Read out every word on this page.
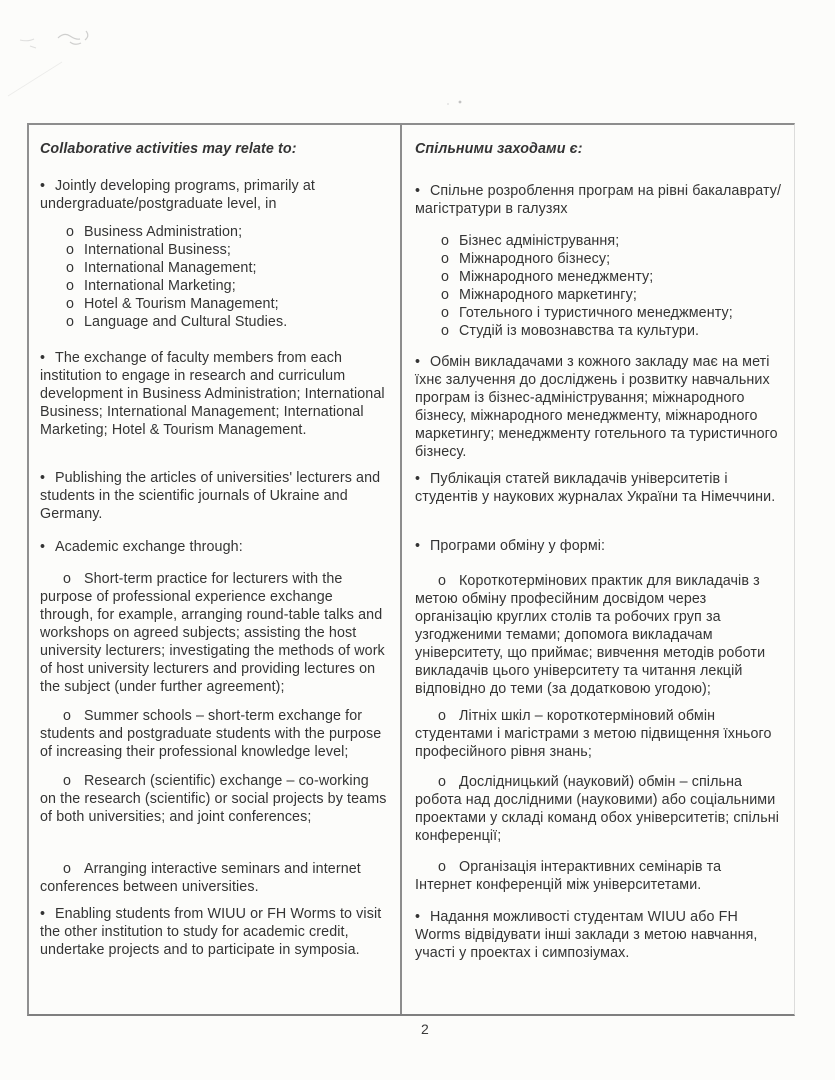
Collaborative activities may relate to:

• Jointly developing programs, primarily at undergraduate/postgraduate level, in

o Business Administration;
o International Business;
o International Management;
o International Marketing;
o Hotel & Tourism Management;
o Language and Cultural Studies.

• The exchange of faculty members from each institution to engage in research and curriculum development in Business Administration; International Business; International Management; International Marketing; Hotel & Tourism Management.

• Publishing the articles of universities' lecturers and students in the scientific journals of Ukraine and Germany.

• Academic exchange through:

o Short-term practice for lecturers with the purpose of professional experience exchange through, for example, arranging round-table talks and workshops on agreed subjects; assisting the host university lecturers; investigating the methods of work of host university lecturers and providing lectures on the subject (under further agreement);

o Summer schools – short-term exchange for students and postgraduate students with the purpose of increasing their professional knowledge level;

o Research (scientific) exchange – co-working on the research (scientific) or social projects by teams of both universities; and joint conferences;

o Arranging interactive seminars and internet conferences between universities.

• Enabling students from WIUU or FH Worms to visit the other institution to study for academic credit, undertake projects and to participate in symposia.

Спільними заходами є:

• Спільне розроблення програм на рівні бакалаврату/магістратури в галузях

o Бізнес адміністрування;
o Міжнародного бізнесу;
o Міжнародного менеджменту;
o Міжнародного маркетингу;
o Готельного і туристичного менеджменту;
o Студій із мовознавства та культури.

• Обмін викладачами з кожного закладу має на меті їхнє залучення до досліджень і розвитку навчальних програм із бізнес-адміністрування; міжнародного бізнесу, міжнародного менеджменту, міжнародного маркетингу; менеджменту готельного та туристичного бізнесу.

• Публікація статей викладачів університетів і студентів у наукових журналах України та Німеччини.

• Програми обміну у формі:

o Короткотермінових практик для викладачів з метою обміну професійним досвідом через організацію круглих столів та робочих груп за узгодженими темами; допомога викладачам університету, що приймає; вивчення методів роботи викладачів цього університету та читання лекцій відповідно до теми (за додатковою угодою);

o Літніх шкіл – короткотерміновий обмін студентами і магістрами з метою підвищення їхнього професійного рівня знань;

o Дослідницький (науковий) обмін – спільна робота над дослідними (науковими) або соціальними проектами у складі команд обох університетів; спільні конференції;

o Організація інтерактивних семінарів та Інтернет конференцій між університетами.

• Надання можливості студентам WIUU або FH Worms відвідувати інші заклади з метою навчання, участі у проектах і симпозіумах.

2
